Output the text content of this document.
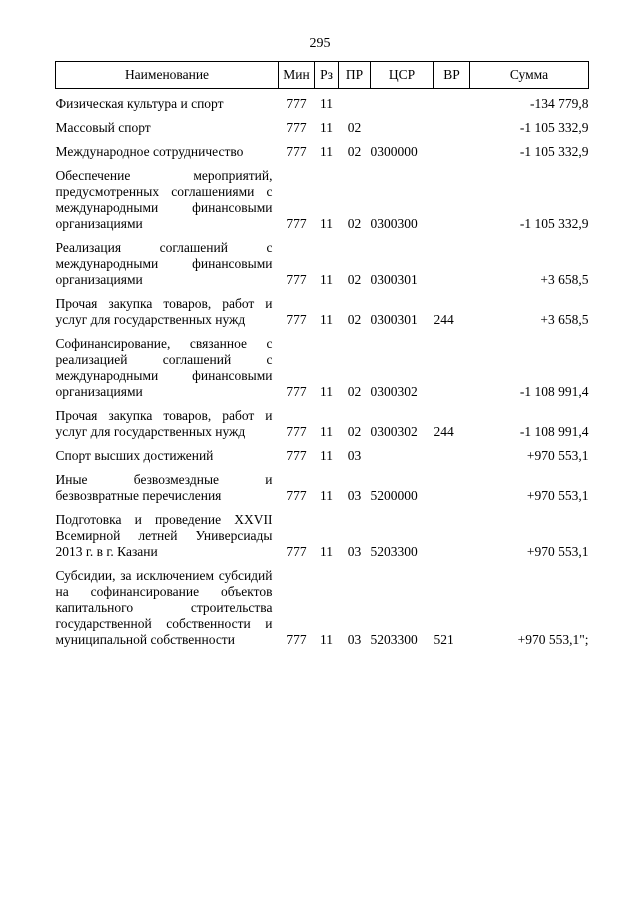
295
Наименование	Мин	Рз	ПР	ЦСР	ВР	Сумма
Физическая культура и спорт	777	11				-134 779,8
Массовый спорт	777	11	02			-1 105 332,9
Международное сотрудничество	777	11	02	0300000		-1 105 332,9
Обеспечение мероприятий, предусмотренных соглашениями с международными финансовыми организациями	777	11	02	0300300		-1 105 332,9
Реализация соглашений с международными финансовыми организациями	777	11	02	0300301		+3 658,5
Прочая закупка товаров, работ и услуг для государственных нужд	777	11	02	0300301	244	+3 658,5
Софинансирование, связанное с реализацией соглашений с международными финансовыми организациями	777	11	02	0300302		-1 108 991,4
Прочая закупка товаров, работ и услуг для государственных нужд	777	11	02	0300302	244	-1 108 991,4
Спорт высших достижений	777	11	03			+970 553,1
Иные безвозмездные и безвозвратные перечисления	777	11	03	5200000		+970 553,1
Подготовка и проведение XXVII Всемирной летней Универсиады 2013 г. в г. Казани	777	11	03	5203300		+970 553,1
Субсидии, за исключением субсидий на софинансирование объектов капитального строительства государственной собственности и муниципальной собственности	777	11	03	5203300	521	+970 553,1";
